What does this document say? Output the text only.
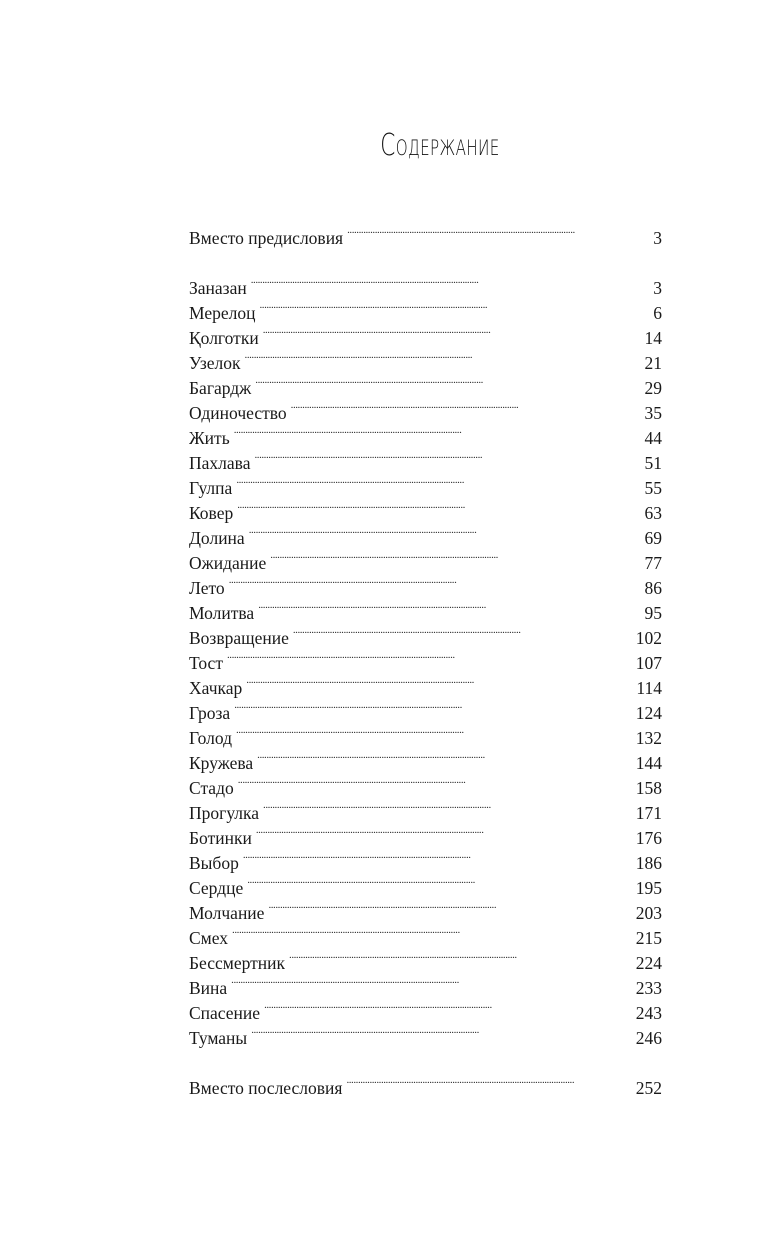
Содержание
Вместо предисловия . . .	3
Заназан . . .	3
Мерелоц . . .	6
Қолготки . . .	14
Узелок . . .	21
Багардж . . .	29
Одиночество . . .	35
Жить . . .	44
Пахлава . . .	51
Гулпа . . .	55
Ковер . . .	63
Долина . . .	69
Ожидание . . .	77
Лето . . .	86
Молитва . . .	95
Возвращение . . .	102
Тост . . .	107
Хачкар . . .	114
Гроза . . .	124
Голод . . .	132
Кружева . . .	144
Стадо . . .	158
Прогулка . . .	171
Ботинки . . .	176
Выбор . . .	186
Сердце . . .	195
Молчание . . .	203
Смех . . .	215
Бессмертник . . .	224
Вина . . .	233
Спасение . . .	243
Туманы . . .	246
Вместо послесловия . . .	252
